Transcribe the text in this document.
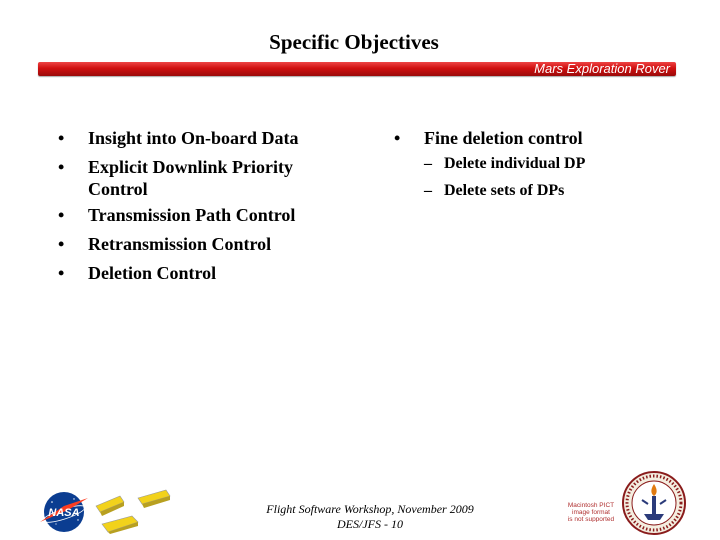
Specific Objectives
Mars Exploration Rover
• Insight into On-board Data
• Explicit Downlink Priority
Control
• Transmission Path Control
• Retransmission Control
• Deletion Control
• Fine deletion control
– Delete individual DP
– Delete sets of DPs
NASA	Flight Software Workshop, November 2009
DES/JFS - 10
Macintosh PICT
image format
is not supported
